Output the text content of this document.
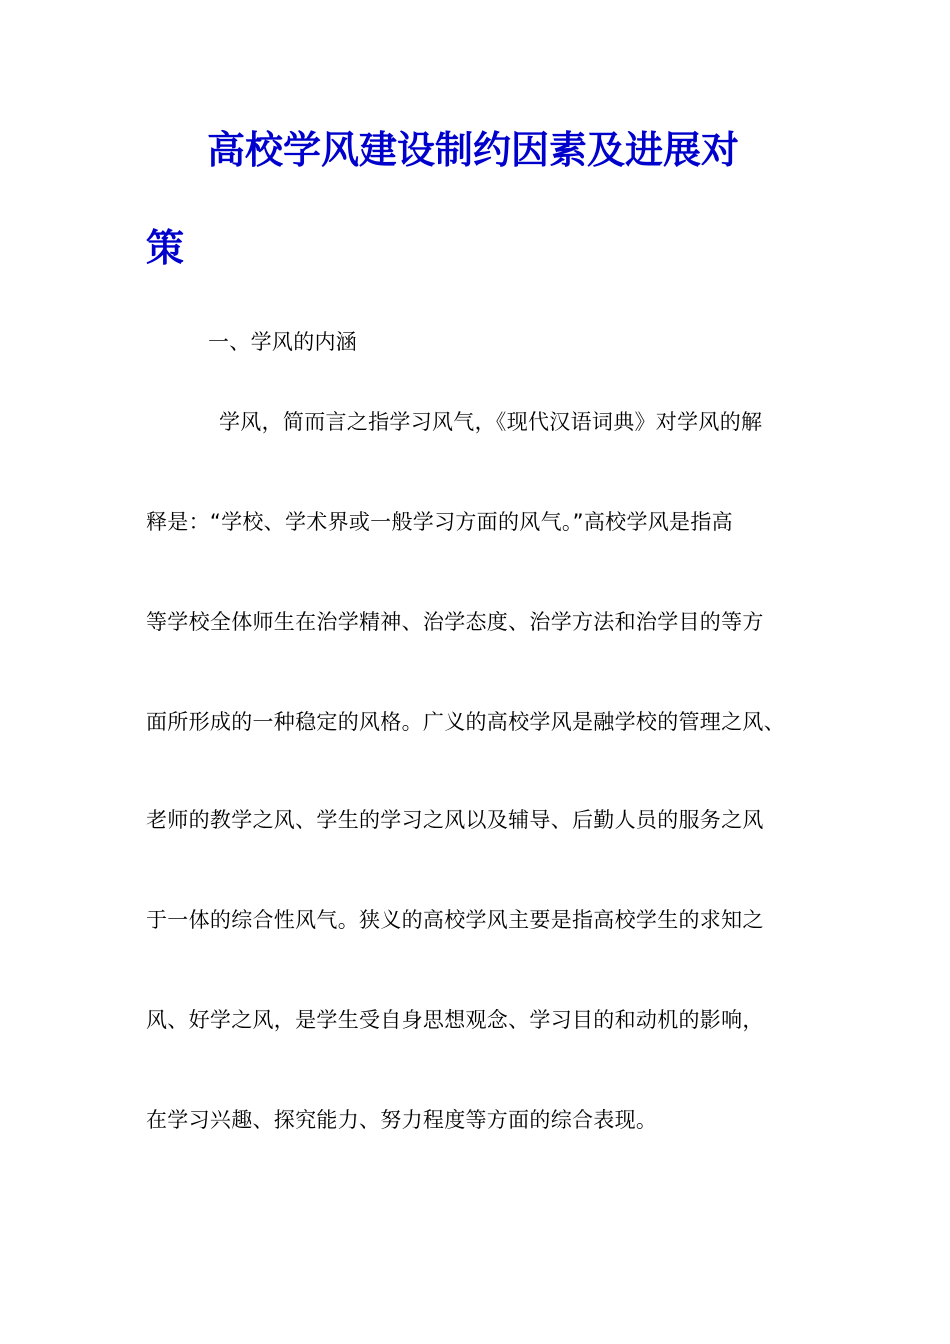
高校学风建设制约因素及进展对
策
一、学风的内涵
学风，简而言之指学习风气，《现代汉语词典》对学风的解
释是：“学校、学术界或一般学习方面的风气。”高校学风是指高
等学校全体师生在治学精神、治学态度、治学方法和治学目的等方
面所形成的一种稳定的风格。广义的高校学风是融学校的管理之风、
老师的教学之风、学生的学习之风以及辅导、后勤人员的服务之风
于一体的综合性风气。狭义的高校学风主要是指高校学生的求知之
风、好学之风，是学生受自身思想观念、学习目的和动机的影响，
在学习兴趣、探究能力、努力程度等方面的综合表现。
